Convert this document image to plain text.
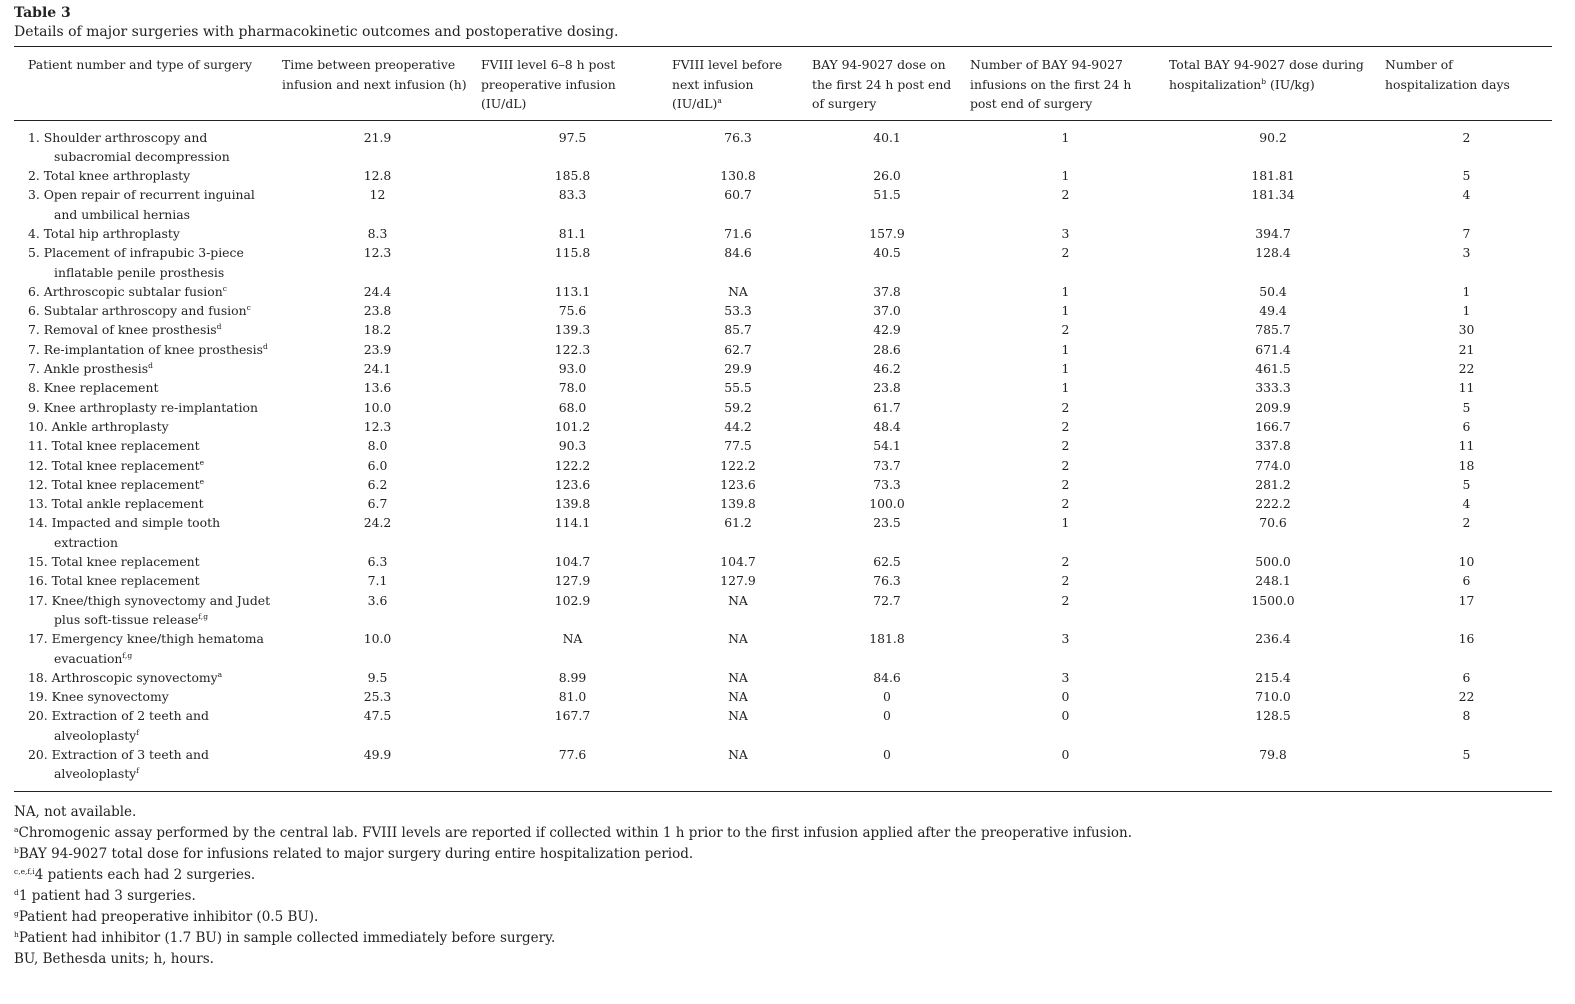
Table 3

Details of major surgeries with pharmacokinetic outcomes and postoperative dosing.

Patient number and type of surgery	Time between preoperative infusion and next infusion (h)	FVIII level 6–8 h post preoperative infusion (IU/dL)	FVIII level before next infusion $(IU/dL)^a$	BAY 94-9027 dose on the first 24 h post end of surgery	Number of BAY 94-9027 infusions on the first 24 h post end of surgery	Total BAY 94-9027 dose during hospitalization$^b$ (IU/kg)	Number of hospitalization days

1. Shoulder arthroscopy and subacromial decompression	21.9	97.5	76.3	40.1	1	90.2	2

2. Total knee arthroplasty	12.8	185.8	130.8	26.0	1	181.81	5

3. Open repair of recurrent inguinal and umbilical hernias	12	83.3	60.7	51.5	2	181.34	4

4. Total hip arthroplasty	8.3	81.1	71.6	157.9	3	394.7	7

5. Placement of infrapubic 3-piece inflatable penile prosthesis	12.3	115.8	84.6	40.5	2	128.4	3

6. Arthroscopic subtalar fusion$^c$	24.4	113.1	NA	37.8	1	50.4	1

6. Subtalar arthroscopy and fusion$^c$	23.8	75.6	53.3	37.0	1	49.4	1

7. Removal of knee prosthesis$^d$	18.2	139.3	85.7	42.9	2	785.7	30

7. Re-implantation of knee prosthesis$^d$	23.9	122.3	62.7	28.6	1	671.4	21

7. Ankle prosthesis$^d$	24.1	93.0	29.9	46.2	1	461.5	22

8. Knee replacement	13.6	78.0	55.5	23.8	1	333.3	11

9. Knee arthroplasty re-implantation	10.0	68.0	59.2	61.7	2	209.9	5

10. Ankle arthroplasty	12.3	101.2	44.2	48.4	2	166.7	6

11. Total knee replacement	8.0	90.3	77.5	54.1	2	337.8	11

12. Total knee replacement$^e$	6.0	122.2	122.2	73.7	2	774.0	18

12. Total knee replacement$^e$	6.2	123.6	123.6	73.3	2	281.2	5

13. Total ankle replacement	6.7	139.8	139.8	100.0	2	222.2	4

14. Impacted and simple tooth extraction	24.2	114.1	61.2	23.5	1	70.6	2

15. Total knee replacement	6.3	104.7	104.7	62.5	2	500.0	10

16. Total knee replacement	7.1	127.9	127.9	76.3	2	248.1	6

17. Knee/thigh synovectomy and Judet plus soft-tissue release$^{f,g}$	3.6	102.9	NA	72.7	2	1500.0	17

17. Emergency knee/thigh hematoma evacuation$^{f,g}$	10.0	NA	NA	181.8	3	236.4	16

18. Arthroscopic synovectomy$^a$	9.5	8.99	NA	84.6	3	215.4	6

19. Knee synovectomy	25.3	81.0	NA	0	0	710.0	22

20. Extraction of 2 teeth and alveoloplasty$^f$	47.5	167.7	NA	0	0	128.5	8

20. Extraction of 3 teeth and alveoloplasty$^f$	49.9	77.6	NA	0	0	79.8	5

NA, not available.

$^a$Chromogenic assay performed by the central lab. FVIII levels are reported if collected within 1 h prior to the first infusion applied after the preoperative infusion.

$^b$BAY 94-9027 total dose for infusions related to major surgery during entire hospitalization period.

$^{c,e,f,i}$4 patients each had 2 surgeries.

$^d$1 patient had 3 surgeries.

$^g$Patient had preoperative inhibitor (0.5 BU).

$^h$Patient had inhibitor (1.7 BU) in sample collected immediately before surgery.

BU, Bethesda units; h, hours.
